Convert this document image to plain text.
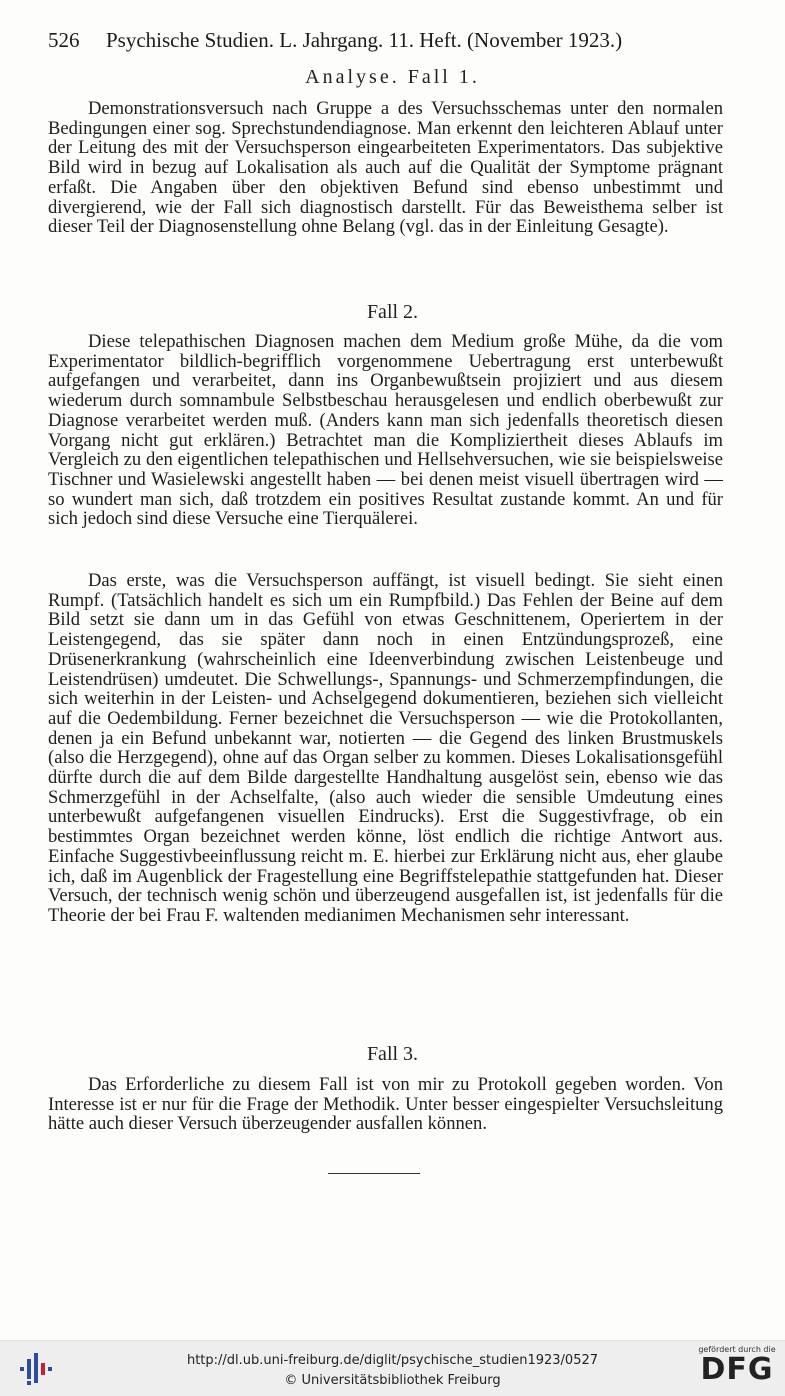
526	Psychische Studien. L. Jahrgang. 11. Heft. (November 1923.)
Analyse. Fall 1.

Demonstrationsversuch nach Gruppe a des Versuchsschemas unter den normalen Bedingungen einer sog. Sprechstundendiagnose. Man erkennt den leichteren Ablauf unter der Leitung des mit der Versuchsperson eingearbeiteten Experimentators. Das subjektive Bild wird in bezug auf Lokalisation als auch auf die Qualität der Symptome prägnant erfaßt. Die Angaben über den objektiven Befund sind ebenso unbestimmt und divergierend, wie der Fall sich diagnostisch darstellt. Für das Beweisthema selber ist dieser Teil der Diagnosenstellung ohne Belang (vgl. das in der Einleitung Gesagte).

Fall 2.

Diese telepathischen Diagnosen machen dem Medium große Mühe, da die vom Experimentator bildlich-begrifflich vorgenommene Uebertragung erst unterbewußt aufgefangen und verarbeitet, dann ins Organbewußtsein projiziert und aus diesem wiederum durch somnambule Selbstbeschau herausgelesen und endlich oberbewußt zur Diagnose verarbeitet werden muß. (Anders kann man sich jedenfalls theoretisch diesen Vorgang nicht gut erklären.) Betrachtet man die Kompliziertheit dieses Ablaufs im Vergleich zu den eigentlichen telepathischen und Hellsehversuchen, wie sie beispielsweise Tischner und Wasielewski angestellt haben — bei denen meist visuell übertragen wird — so wundert man sich, daß trotzdem ein positives Resultat zustande kommt. An und für sich jedoch sind diese Versuche eine Tierquälerei.

Das erste, was die Versuchsperson auffängt, ist visuell bedingt. Sie sieht einen Rumpf. (Tatsächlich handelt es sich um ein Rumpfbild.) Das Fehlen der Beine auf dem Bild setzt sie dann um in das Gefühl von etwas Geschnittenem, Operiertem in der Leistengegend, das sie später dann noch in einen Entzündungsprozeß, eine Drüsenerkrankung (wahrscheinlich eine Ideenverbindung zwischen Leistenbeuge und Leistendrüsen) umdeutet. Die Schwellungs-, Spannungs- und Schmerzempfindungen, die sich weiterhin in der Leisten- und Achselgegend dokumentieren, beziehen sich vielleicht auf die Oedembildung. Ferner bezeichnet die Versuchsperson — wie die Protokollanten, denen ja ein Befund unbekannt war, notierten — die Gegend des linken Brustmuskels (also die Herzgegend), ohne auf das Organ selber zu kommen. Dieses Lokalisationsgefühl dürfte durch die auf dem Bilde dargestellte Handhaltung ausgelöst sein, ebenso wie das Schmerzgefühl in der Achselfalte, (also auch wieder die sensible Umdeutung eines unterbewußt aufgefangenen visuellen Eindrucks). Erst die Suggestivfrage, ob ein bestimmtes Organ bezeichnet werden könne, löst endlich die richtige Antwort aus. Einfache Suggestivbeeinflussung reicht m. E. hierbei zur Erklärung nicht aus, eher glaube ich, daß im Augenblick der Fragestellung eine Begriffstelepathie stattgefunden hat. Dieser Versuch, der technisch wenig schön und überzeugend ausgefallen ist, ist jedenfalls für die Theorie der bei Frau F. waltenden medianimen Mechanismen sehr interessant.

Fall 3.

Das Erforderliche zu diesem Fall ist von mir zu Protokoll gegeben worden. Von Interesse ist er nur für die Frage der Methodik. Unter besser eingespielter Versuchsleitung hätte auch dieser Versuch überzeugender ausfallen können.

http://dl.ub.uni-freiburg.de/diglit/psychische_studien1923/0527
© Universitätsbibliothek Freiburg
gefördert durch die
DFG
